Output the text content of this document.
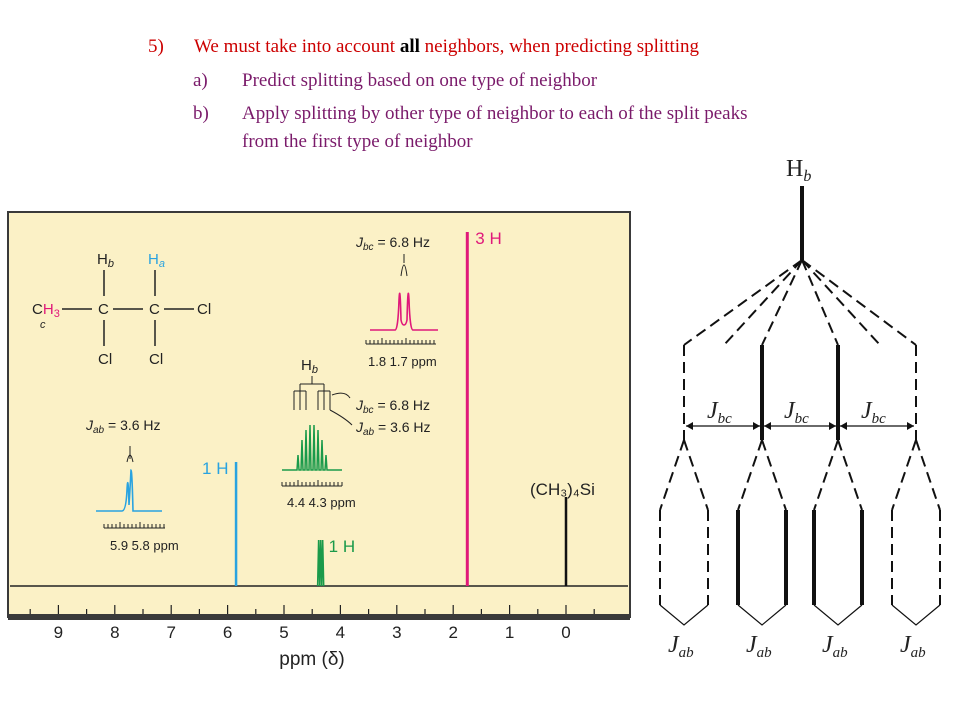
5) We must take into account all neighbors, when predicting splitting
a) Predict splitting based on one type of neighbor
b) Apply splitting by other type of neighbor to each of the split peaks
from the first type of neighbor
9	8	7	6	5	4	3	2	1	0
ppm (δ)
1 H
1 H
3 H
(CH₃)₄Si
$H_b$ $H_a$
$CH_3$
c
C	C Cl
Cl Cl
$J_{ab} = 3.6$ Hz
5.9 5.8 ppm
$H_b$
$J_{bc} = 6.8$ Hz
$J_{ab} = 3.6$ Hz
4.4 4.3 ppm
$J_{bc} = 6.8$ Hz
1.8 1.7 ppm
$H_b$
$J_{bc}$ $J_{bc}$ $J_{bc}$
$J_{ab}$ $J_{ab}$ $J_{ab}$ $J_{ab}$
